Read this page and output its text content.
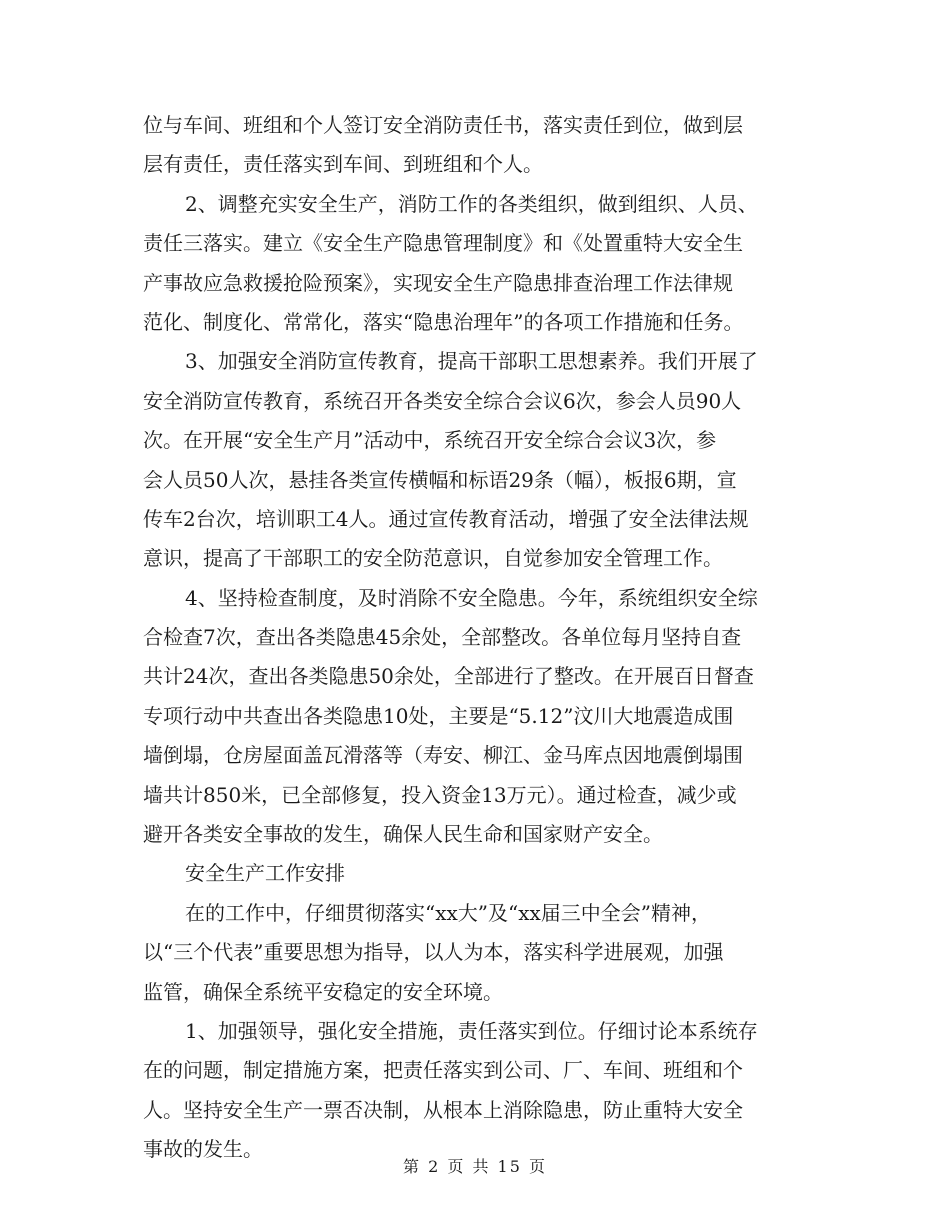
位与车间、班组和个人签订安全消防责任书，落实责任到位，做到层
层有责任，责任落实到车间、到班组和个人。
2、调整充实安全生产，消防工作的各类组织，做到组织、人员、
责任三落实。建立《安全生产隐患管理制度》和《处置重特大安全生
产事故应急救援抢险预案》，实现安全生产隐患排查治理工作法律规
范化、制度化、常常化，落实“隐患治理年”的各项工作措施和任务。
3、加强安全消防宣传教育，提高干部职工思想素养。我们开展了
安全消防宣传教育，系统召开各类安全综合会议6次，参会人员90人
次。在开展“安全生产月”活动中，系统召开安全综合会议3次，参
会人员50人次，悬挂各类宣传横幅和标语29条（幅），板报6期，宣
传车2台次，培训职工4人。通过宣传教育活动，增强了安全法律法规
意识，提高了干部职工的安全防范意识，自觉参加安全管理工作。
4、坚持检查制度，及时消除不安全隐患。今年，系统组织安全综
合检查7次，查出各类隐患45余处，全部整改。各单位每月坚持自查
共计24次，查出各类隐患50余处，全部进行了整改。在开展百日督查
专项行动中共查出各类隐患10处，主要是“5.12”汶川大地震造成围
墙倒塌，仓房屋面盖瓦滑落等（寿安、柳江、金马库点因地震倒塌围
墙共计850米，已全部修复，投入资金13万元）。通过检查，减少或
避开各类安全事故的发生，确保人民生命和国家财产安全。
安全生产工作安排
在的工作中，仔细贯彻落实“xx大”及“xx届三中全会”精神，
以“三个代表”重要思想为指导，以人为本，落实科学进展观，加强
监管，确保全系统平安稳定的安全环境。
1、加强领导，强化安全措施，责任落实到位。仔细讨论本系统存
在的问题，制定措施方案，把责任落实到公司、厂、车间、班组和个
人。坚持安全生产一票否决制，从根本上消除隐患，防止重特大安全
事故的发生。
第 2 页 共 15 页
